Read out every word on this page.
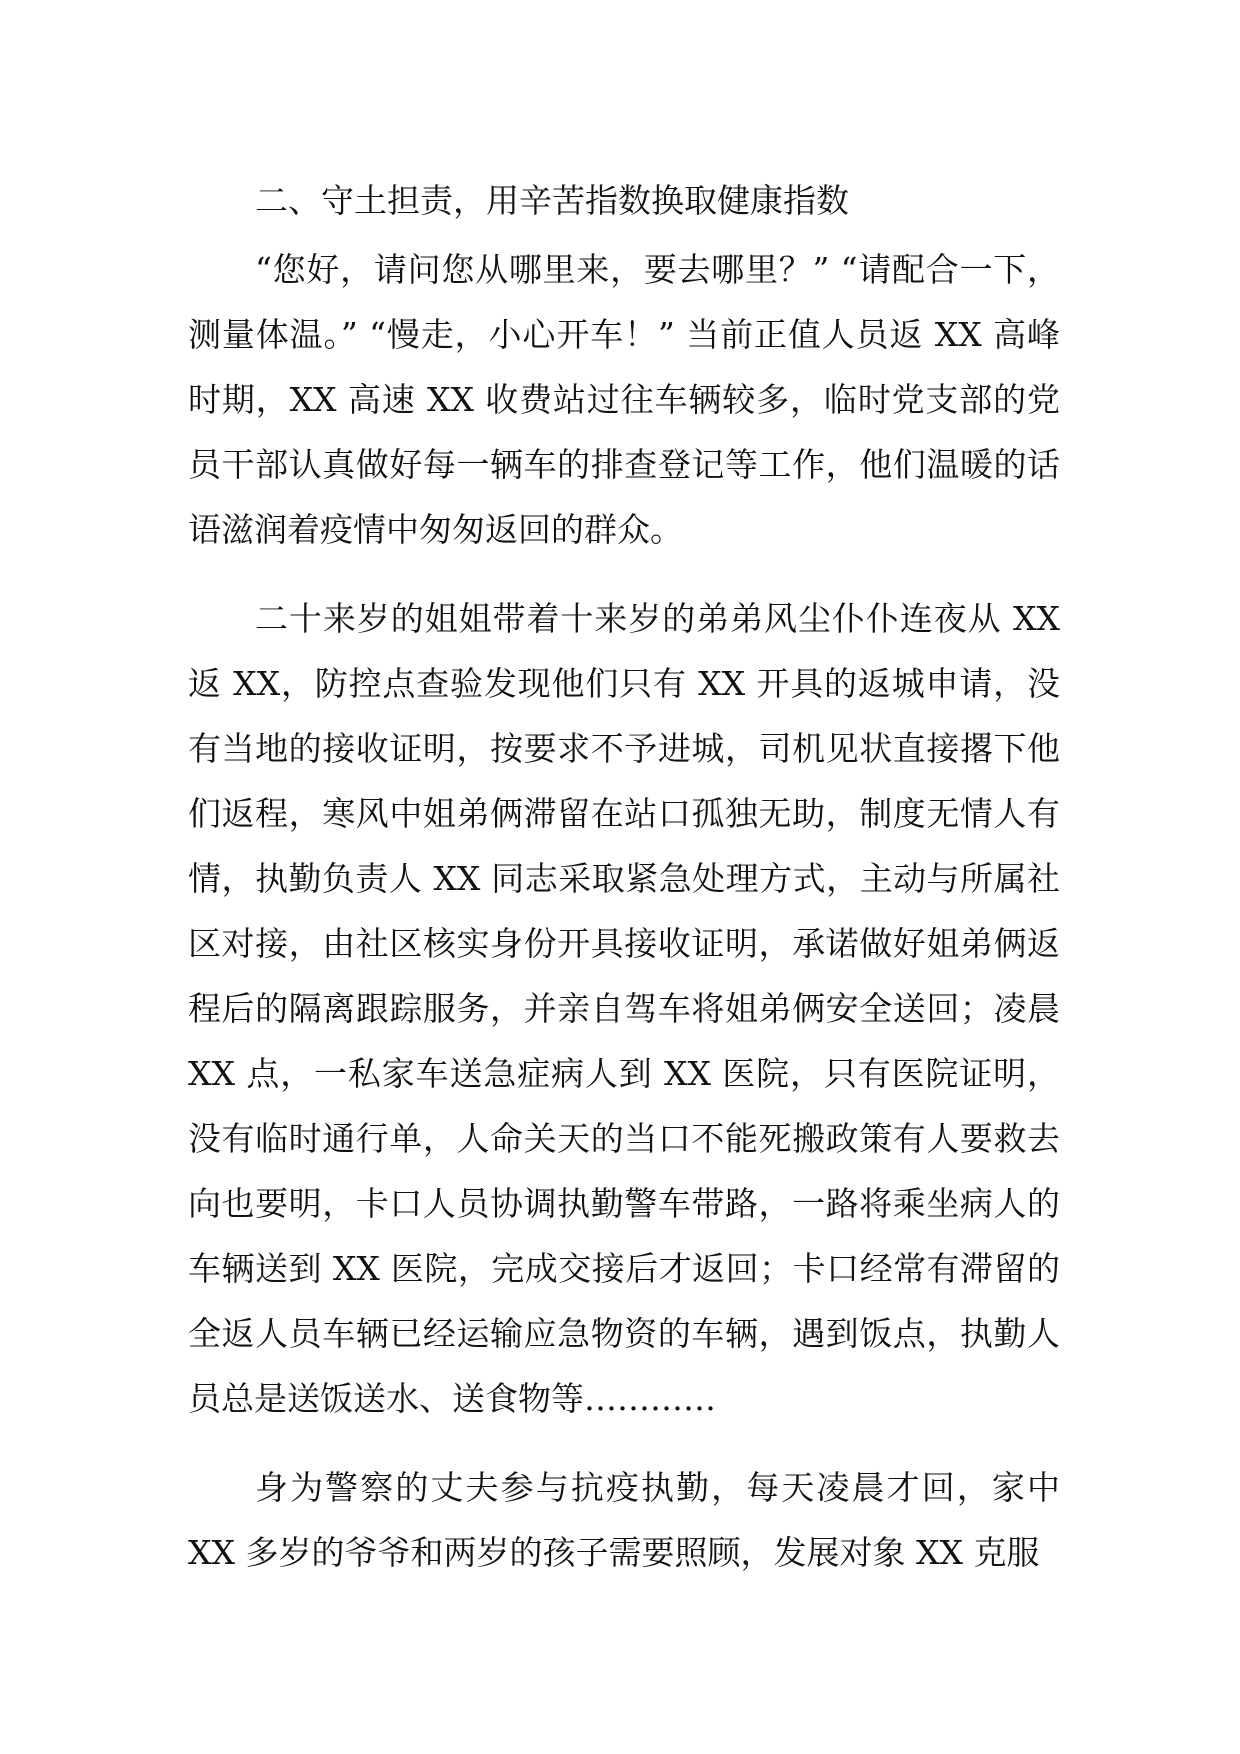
二、守土担责，用辛苦指数换取健康指数

“您好，请问您从哪里来，要去哪里？” “请配合一下，测量体温。” “慢走，小心开车！” 当前正值人员返 XX 高峰时期，XX 高速 XX 收费站过往车辆较多，临时党支部的党员干部认真做好每一辆车的排查登记等工作，他们温暖的话语滋润着疫情中匆匆返回的群众。

二十来岁的姐姐带着十来岁的弟弟风尘仆仆连夜从 XX 返 XX，防控点查验发现他们只有 XX 开具的返城申请，没有当地的接收证明，按要求不予进城，司机见状直接撂下他们返程，寒风中姐弟俩滞留在站口孤独无助，制度无情人有情，执勤负责人 XX 同志采取紧急处理方式，主动与所属社区对接，由社区核实身份开具接收证明，承诺做好姐弟俩返程后的隔离跟踪服务，并亲自驾车将姐弟俩安全送回；凌晨 XX 点，一私家车送急症病人到 XX 医院，只有医院证明，没有临时通行单，人命关天的当口不能死搬政策有人要救去向也要明，卡口人员协调执勤警车带路，一路将乘坐病人的车辆送到 XX 医院，完成交接后才返回；卡口经常有滞留的全返人员车辆已经运输应急物资的车辆，遇到饭点，执勤人员总是送饭送水、送食物等…………

身为警察的丈夫参与抗疫执勤，每天凌晨才回，家中 XX 多岁的爷爷和两岁的孩子需要照顾，发展对象 XX 克服
